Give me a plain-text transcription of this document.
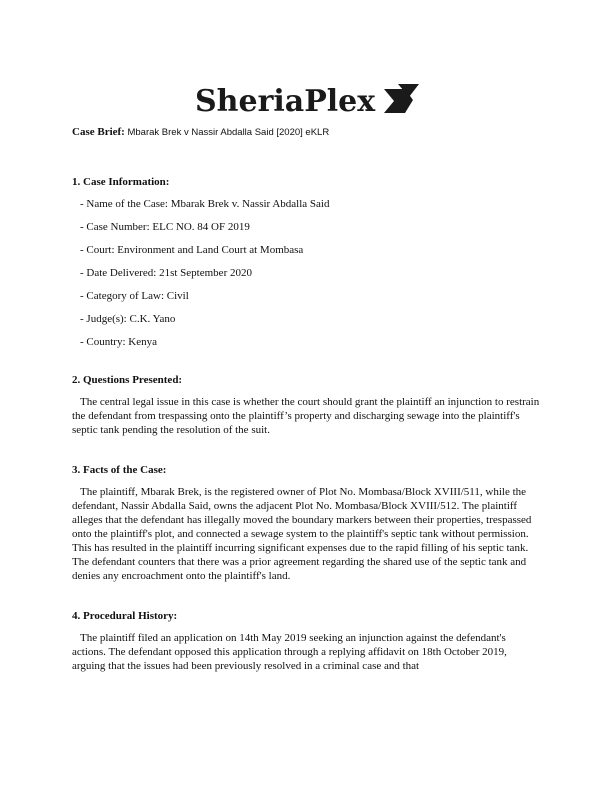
SheriaPlex
Case Brief: Mbarak Brek v Nassir Abdalla Said [2020] eKLR
1. Case Information:
- Name of the Case: Mbarak Brek v. Nassir Abdalla Said
- Case Number: ELC NO. 84 OF 2019
- Court: Environment and Land Court at Mombasa
- Date Delivered: 21st September 2020
- Category of Law: Civil
- Judge(s): C.K. Yano
- Country: Kenya
2. Questions Presented:

The central legal issue in this case is whether the court should grant the plaintiff an injunction to restrain the defendant from trespassing onto the plaintiff’s property and discharging sewage into the plaintiff's septic tank pending the resolution of the suit.

3. Facts of the Case:

The plaintiff, Mbarak Brek, is the registered owner of Plot No. Mombasa/Block XVIII/511, while the defendant, Nassir Abdalla Said, owns the adjacent Plot No. Mombasa/Block XVIII/512. The plaintiff alleges that the defendant has illegally moved the boundary markers between their properties, trespassed onto the plaintiff's plot, and connected a sewage system to the plaintiff's septic tank without permission. This has resulted in the plaintiff incurring significant expenses due to the rapid filling of his septic tank. The defendant counters that there was a prior agreement regarding the shared use of the septic tank and denies any encroachment onto the plaintiff's land.

4. Procedural History:

The plaintiff filed an application on 14th May 2019 seeking an injunction against the defendant's actions. The defendant opposed this application through a replying affidavit on 18th October 2019, arguing that the issues had been previously resolved in a criminal case and that
